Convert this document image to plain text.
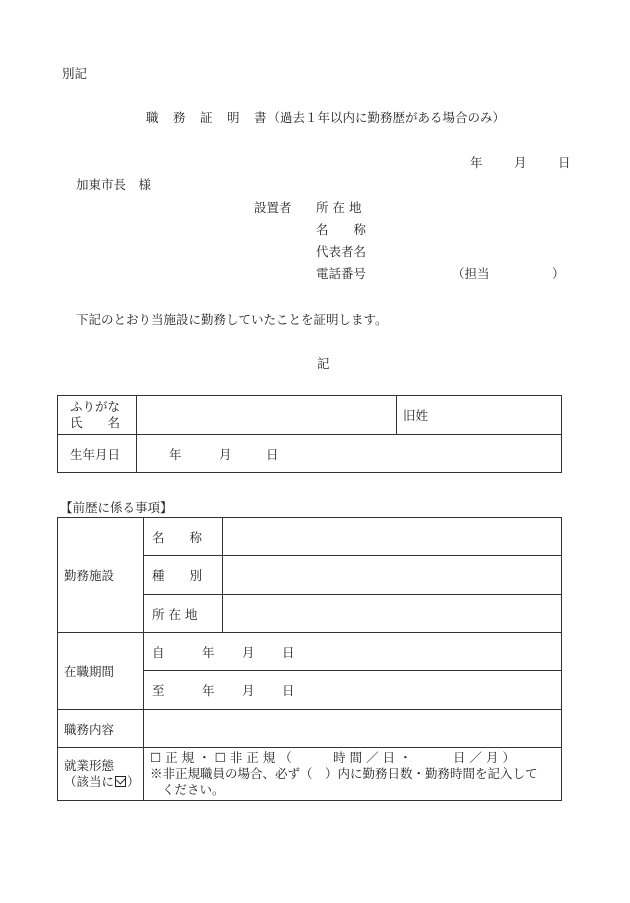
別記
職　務　証　明　書（過去１年以内に勤務歴がある場合のみ）
年	月	日
加東市長　様
設置者 所 在 地
名　　称
代表者名
電話番号	（担当　　　　　）
下記のとおり当施設に勤務していたことを証明します。
記
ふりがな
氏　　名		旧姓
生年月日	年 月 日	
【前歴に係る事項】
勤務施設	名　　称	
	種　　別	
	所 在 地	
在職期間	自 年 月 日	
	至 年 月 日	
職務内容		

就業形態
（該当に ）	☐ 正 規 ・ ☐ 非 正 規 （　　　 時 間 ／ 日 ・　　　 日 ／ 月 ）
※非正規職員の場合、必ず（　）内に勤務日数・勤務時間を記入して
ください。	
